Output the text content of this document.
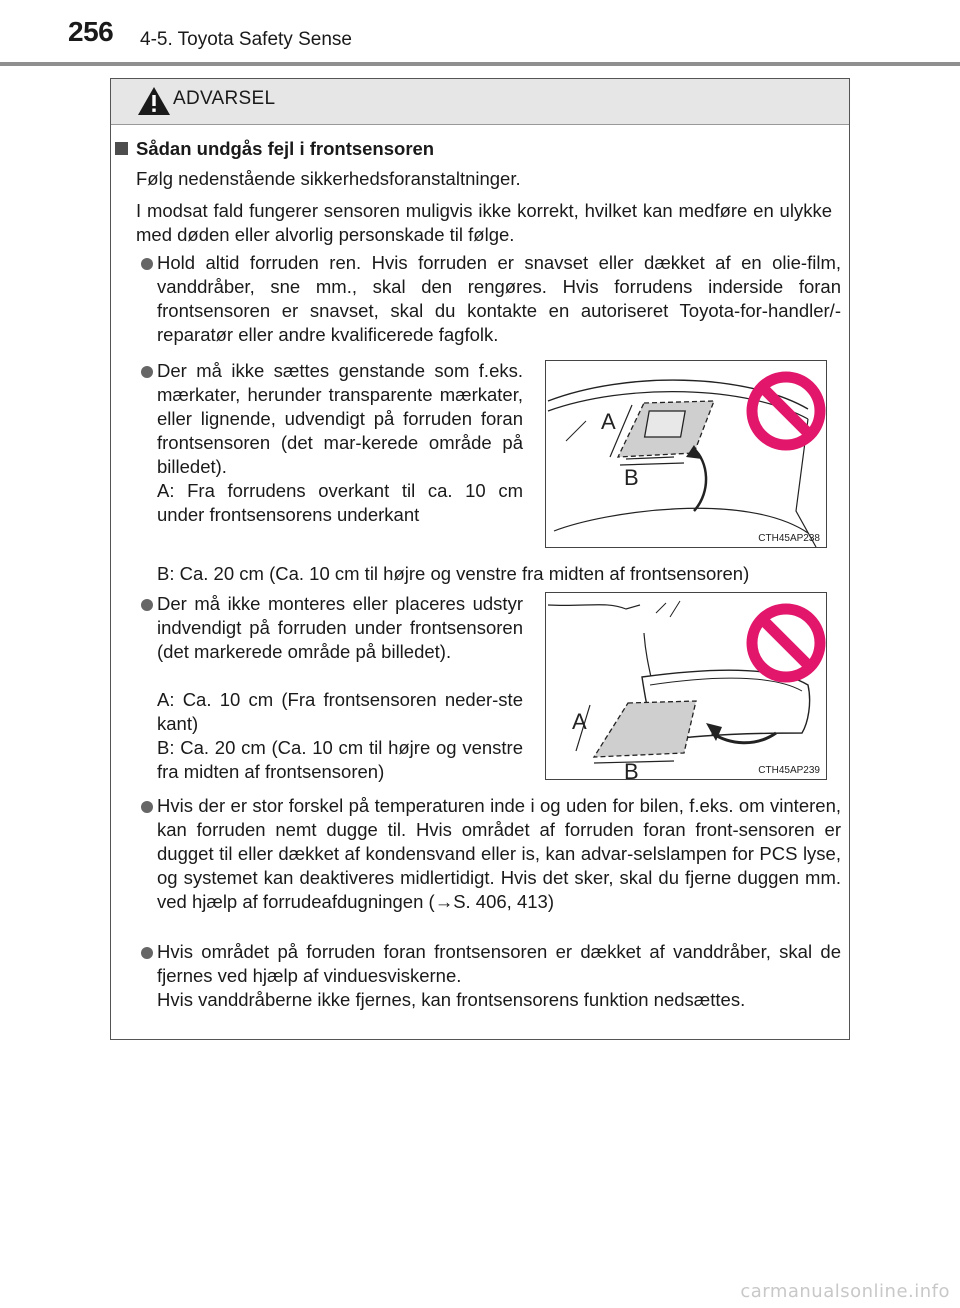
256 4-5. Toyota Safety Sense
ADVARSEL
Sådan undgås fejl i frontsensoren
Følg nedenstående sikkerhedsforanstaltninger.
I modsat fald fungerer sensoren muligvis ikke korrekt, hvilket kan medføre en ulykke med døden eller alvorlig personskade til følge.
Hold altid forruden ren. Hvis forruden er snavset eller dækket af en olie-film, vanddråber, sne mm., skal den rengøres. Hvis forrudens inderside foran frontsensoren er snavset, skal du kontakte en autoriseret Toyota-for-handler/-reparatør eller andre kvalificerede fagfolk.
Der må ikke sættes genstande som f.eks. mærkater, herunder transparente mærkater, eller lignende, udvendigt på forruden foran frontsensoren (det mar-kerede område på billedet).
A: Fra forrudens overkant til ca. 10 cm under frontsensorens underkant
A
B
CTH45AP238
B: Ca. 20 cm (Ca. 10 cm til højre og venstre fra midten af frontsensoren)
Der må ikke monteres eller placeres udstyr indvendigt på forruden under frontsensoren (det markerede område på billedet).
A: Ca. 10 cm (Fra frontsensoren neder-ste kant)
B: Ca. 20 cm (Ca. 10 cm til højre og venstre fra midten af frontsensoren)
A
B	CTH45AP239
Hvis der er stor forskel på temperaturen inde i og uden for bilen, f.eks. om vinteren, kan forruden nemt dugge til. Hvis området af forruden foran front-sensoren er dugget til eller dækket af kondensvand eller is, kan advar-selslampen for PCS lyse, og systemet kan deaktiveres midlertidigt. Hvis det sker, skal du fjerne duggen mm. ved hjælp af forrudeafdugningen (→S. 406, 413)
Hvis området på forruden foran frontsensoren er dækket af vanddråber, skal de fjernes ved hjælp af vinduesviskerne.
Hvis vanddråberne ikke fjernes, kan frontsensorens funktion nedsættes.
carmanualsonline.info
